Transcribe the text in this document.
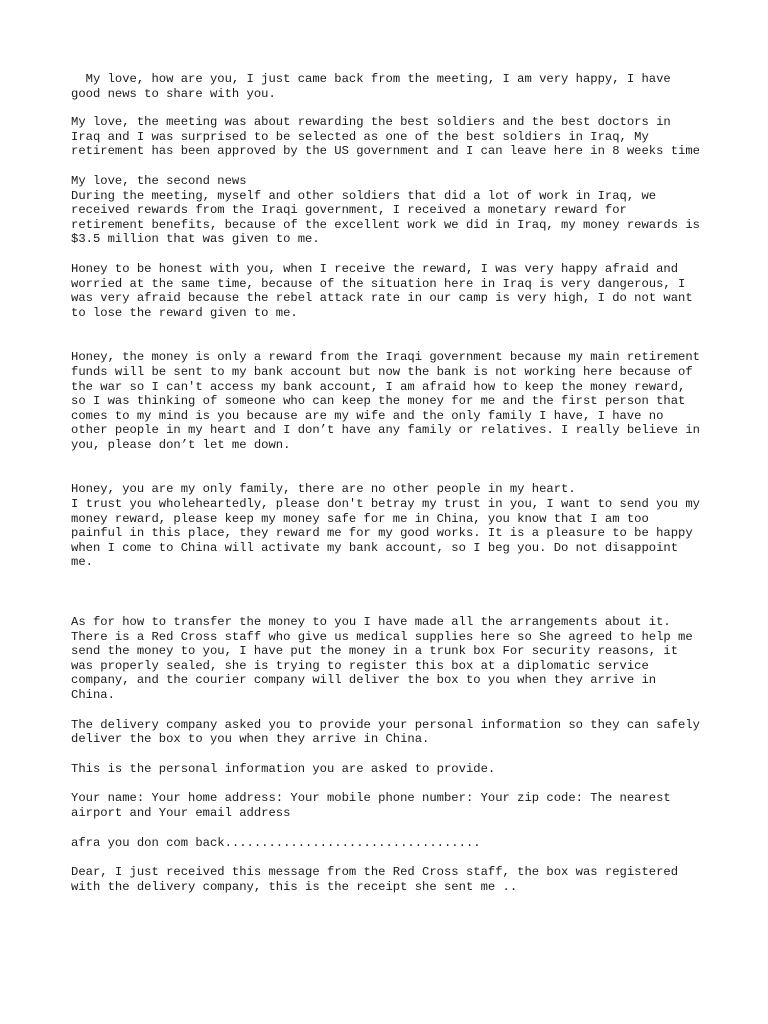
My love, how are you, I just came back from the meeting, I am very happy, I have good news to share with you.

My love, the meeting was about rewarding the best soldiers and the best doctors in Iraq and I was surprised to be selected as one of the best soldiers in Iraq, My retirement has been approved by the US government and I can leave here in 8 weeks time

My love, the second news
During the meeting, myself and other soldiers that did a lot of work in Iraq, we received rewards from the Iraqi government, I received a monetary reward for retirement benefits, because of the excellent work we did in Iraq, my money rewards is $3.5 million that was given to me.

Honey to be honest with you, when I receive the reward, I was very happy afraid and worried at the same time, because of the situation here in Iraq is very dangerous, I was very afraid because the rebel attack rate in our camp is very high, I do not want to lose the reward given to me.

Honey, the money is only a reward from the Iraqi government because my main retirement funds will be sent to my bank account but now the bank is not working here because of the war so I can't access my bank account, I am afraid how to keep the money reward, so I was thinking of someone who can keep the money for me and the first person that comes to my mind is you because are my wife and the only family I have, I have no other people in my heart and I don’t have any family or relatives. I really believe in you, please don’t let me down.

Honey, you are my only family, there are no other people in my heart.
I trust you wholeheartedly, please don't betray my trust in you, I want to send you my money reward, please keep my money safe for me in China, you know that I am too painful in this place, they reward me for my good works. It is a pleasure to be happy when I come to China will activate my bank account, so I beg you. Do not disappoint me.

As for how to transfer the money to you I have made all the arrangements about it. There is a Red Cross staff who give us medical supplies here so She agreed to help me send the money to you, I have put the money in a trunk box For security reasons, it was properly sealed, she is trying to register this box at a diplomatic service company, and the courier company will deliver the box to you when they arrive in China.

The delivery company asked you to provide your personal information so they can safely deliver the box to you when they arrive in China.

This is the personal information you are asked to provide.

Your name: Your home address: Your mobile phone number: Your zip code: The nearest airport and Your email address

afra you don com back...................................

Dear, I just received this message from the Red Cross staff, the box was registered with the delivery company, this is the receipt she sent me ..
